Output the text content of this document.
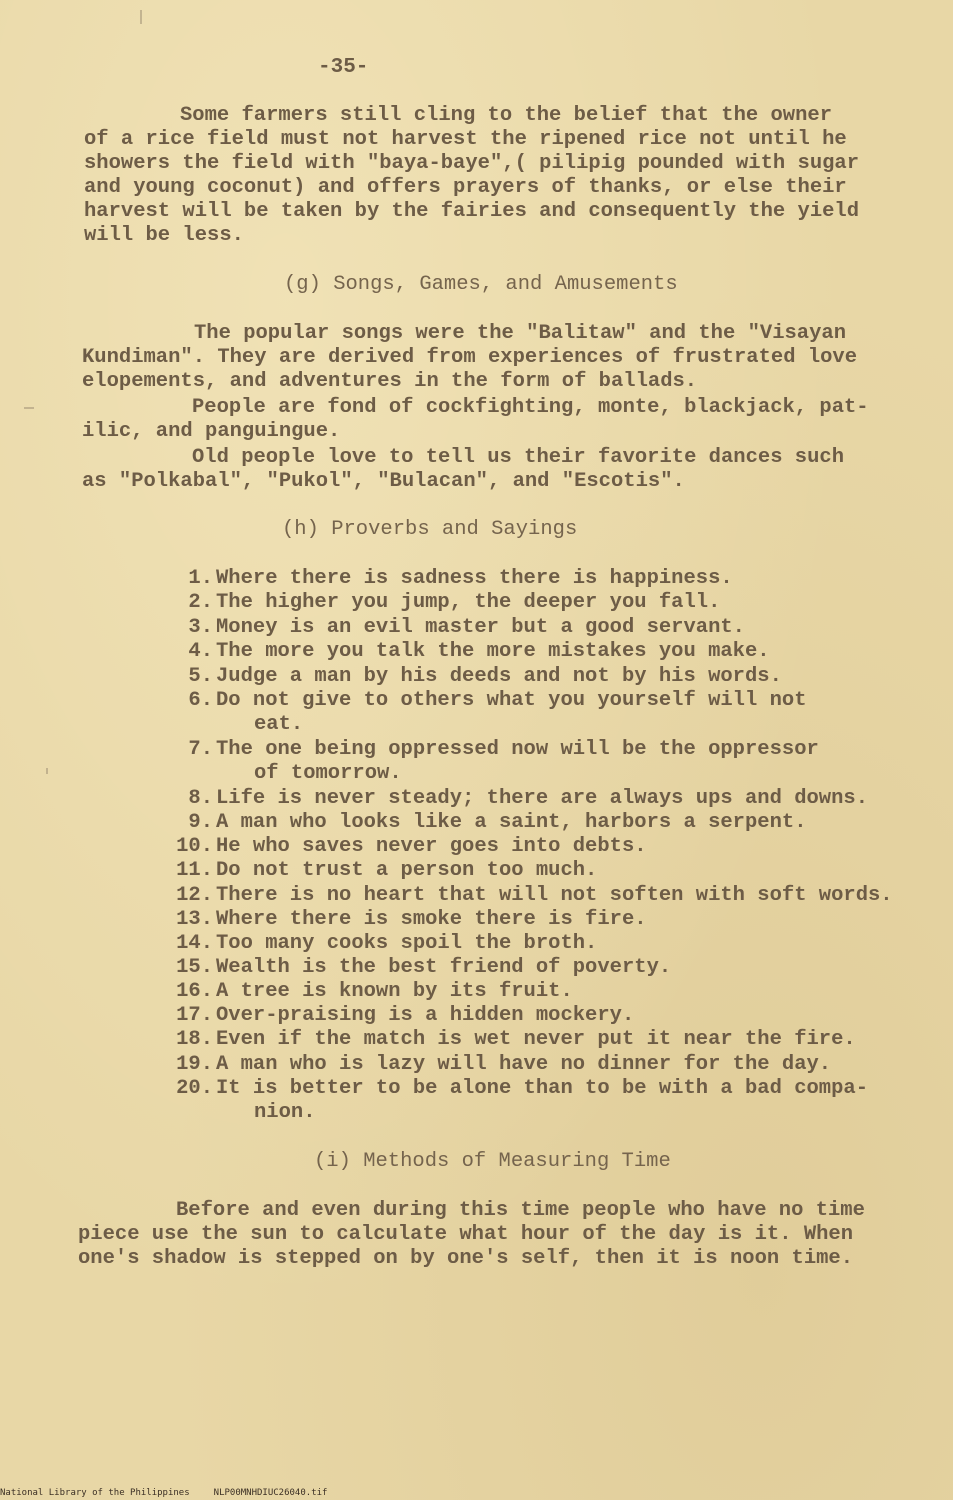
-35-
Some farmers still cling to the belief that the owner
of a rice field must not harvest the ripened rice not until he
showers the field with "baya-baye",( pilipig pounded with sugar
and young coconut) and offers prayers of thanks, or else their
harvest will be taken by the fairies and consequently the yield
will be less.
(g) Songs, Games, and Amusements
The popular songs were the "Balitaw" and the "Visayan
Kundiman". They are derived from experiences of frustrated love
elopements, and adventures in the form of ballads.
People are fond of cockfighting, monte, blackjack, pat-
ilic, and panguingue.
Old people love to tell us their favorite dances such
as "Polkabal", "Pukol", "Bulacan", and "Escotis".
(h) Proverbs and Sayings
1. Where there is sadness there is happiness.
2. The higher you jump, the deeper you fall.
3. Money is an evil master but a good servant.
4. The more you talk the more mistakes you make.
5. Judge a man by his deeds and not by his words.
6. Do not give to others what you yourself will not
eat.
7. The one being oppressed now will be the oppressor
of tomorrow.
8. Life is never steady; there are always ups and downs.
9. A man who looks like a saint, harbors a serpent.
10. He who saves never goes into debts.
11. Do not trust a person too much.
12. There is no heart that will not soften with soft words.
13. Where there is smoke there is fire.
14. Too many cooks spoil the broth.
15. Wealth is the best friend of poverty.
16. A tree is known by its fruit.
17. Over-praising is a hidden mockery.
18. Even if the match is wet never put it near the fire.
19. A man who is lazy will have no dinner for the day.
20. It is better to be alone than to be with a bad compa-
nion.
(i) Methods of Measuring Time
Before and even during this time people who have no time
piece use the sun to calculate what hour of the day is it. When
one's shadow is stepped on by one's self, then it is noon time.
National Library of the Philippines	NLP00MNHDIUC26040.tif
